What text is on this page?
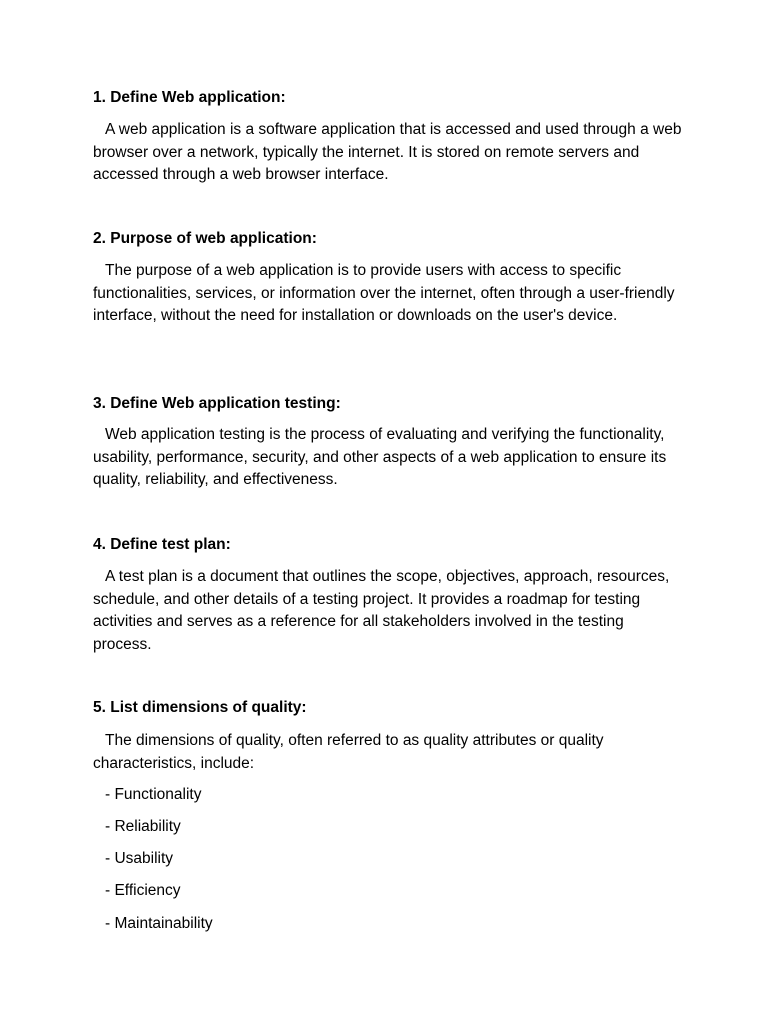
1. Define Web application:
A web application is a software application that is accessed and used through a web browser over a network, typically the internet. It is stored on remote servers and accessed through a web browser interface.
2. Purpose of web application:
The purpose of a web application is to provide users with access to specific functionalities, services, or information over the internet, often through a user-friendly interface, without the need for installation or downloads on the user's device.
3. Define Web application testing:
Web application testing is the process of evaluating and verifying the functionality, usability, performance, security, and other aspects of a web application to ensure its quality, reliability, and effectiveness.
4. Define test plan:
A test plan is a document that outlines the scope, objectives, approach, resources, schedule, and other details of a testing project. It provides a roadmap for testing activities and serves as a reference for all stakeholders involved in the testing process.
5. List dimensions of quality:
The dimensions of quality, often referred to as quality attributes or quality characteristics, include:
- Functionality
- Reliability
- Usability
- Efficiency
- Maintainability
